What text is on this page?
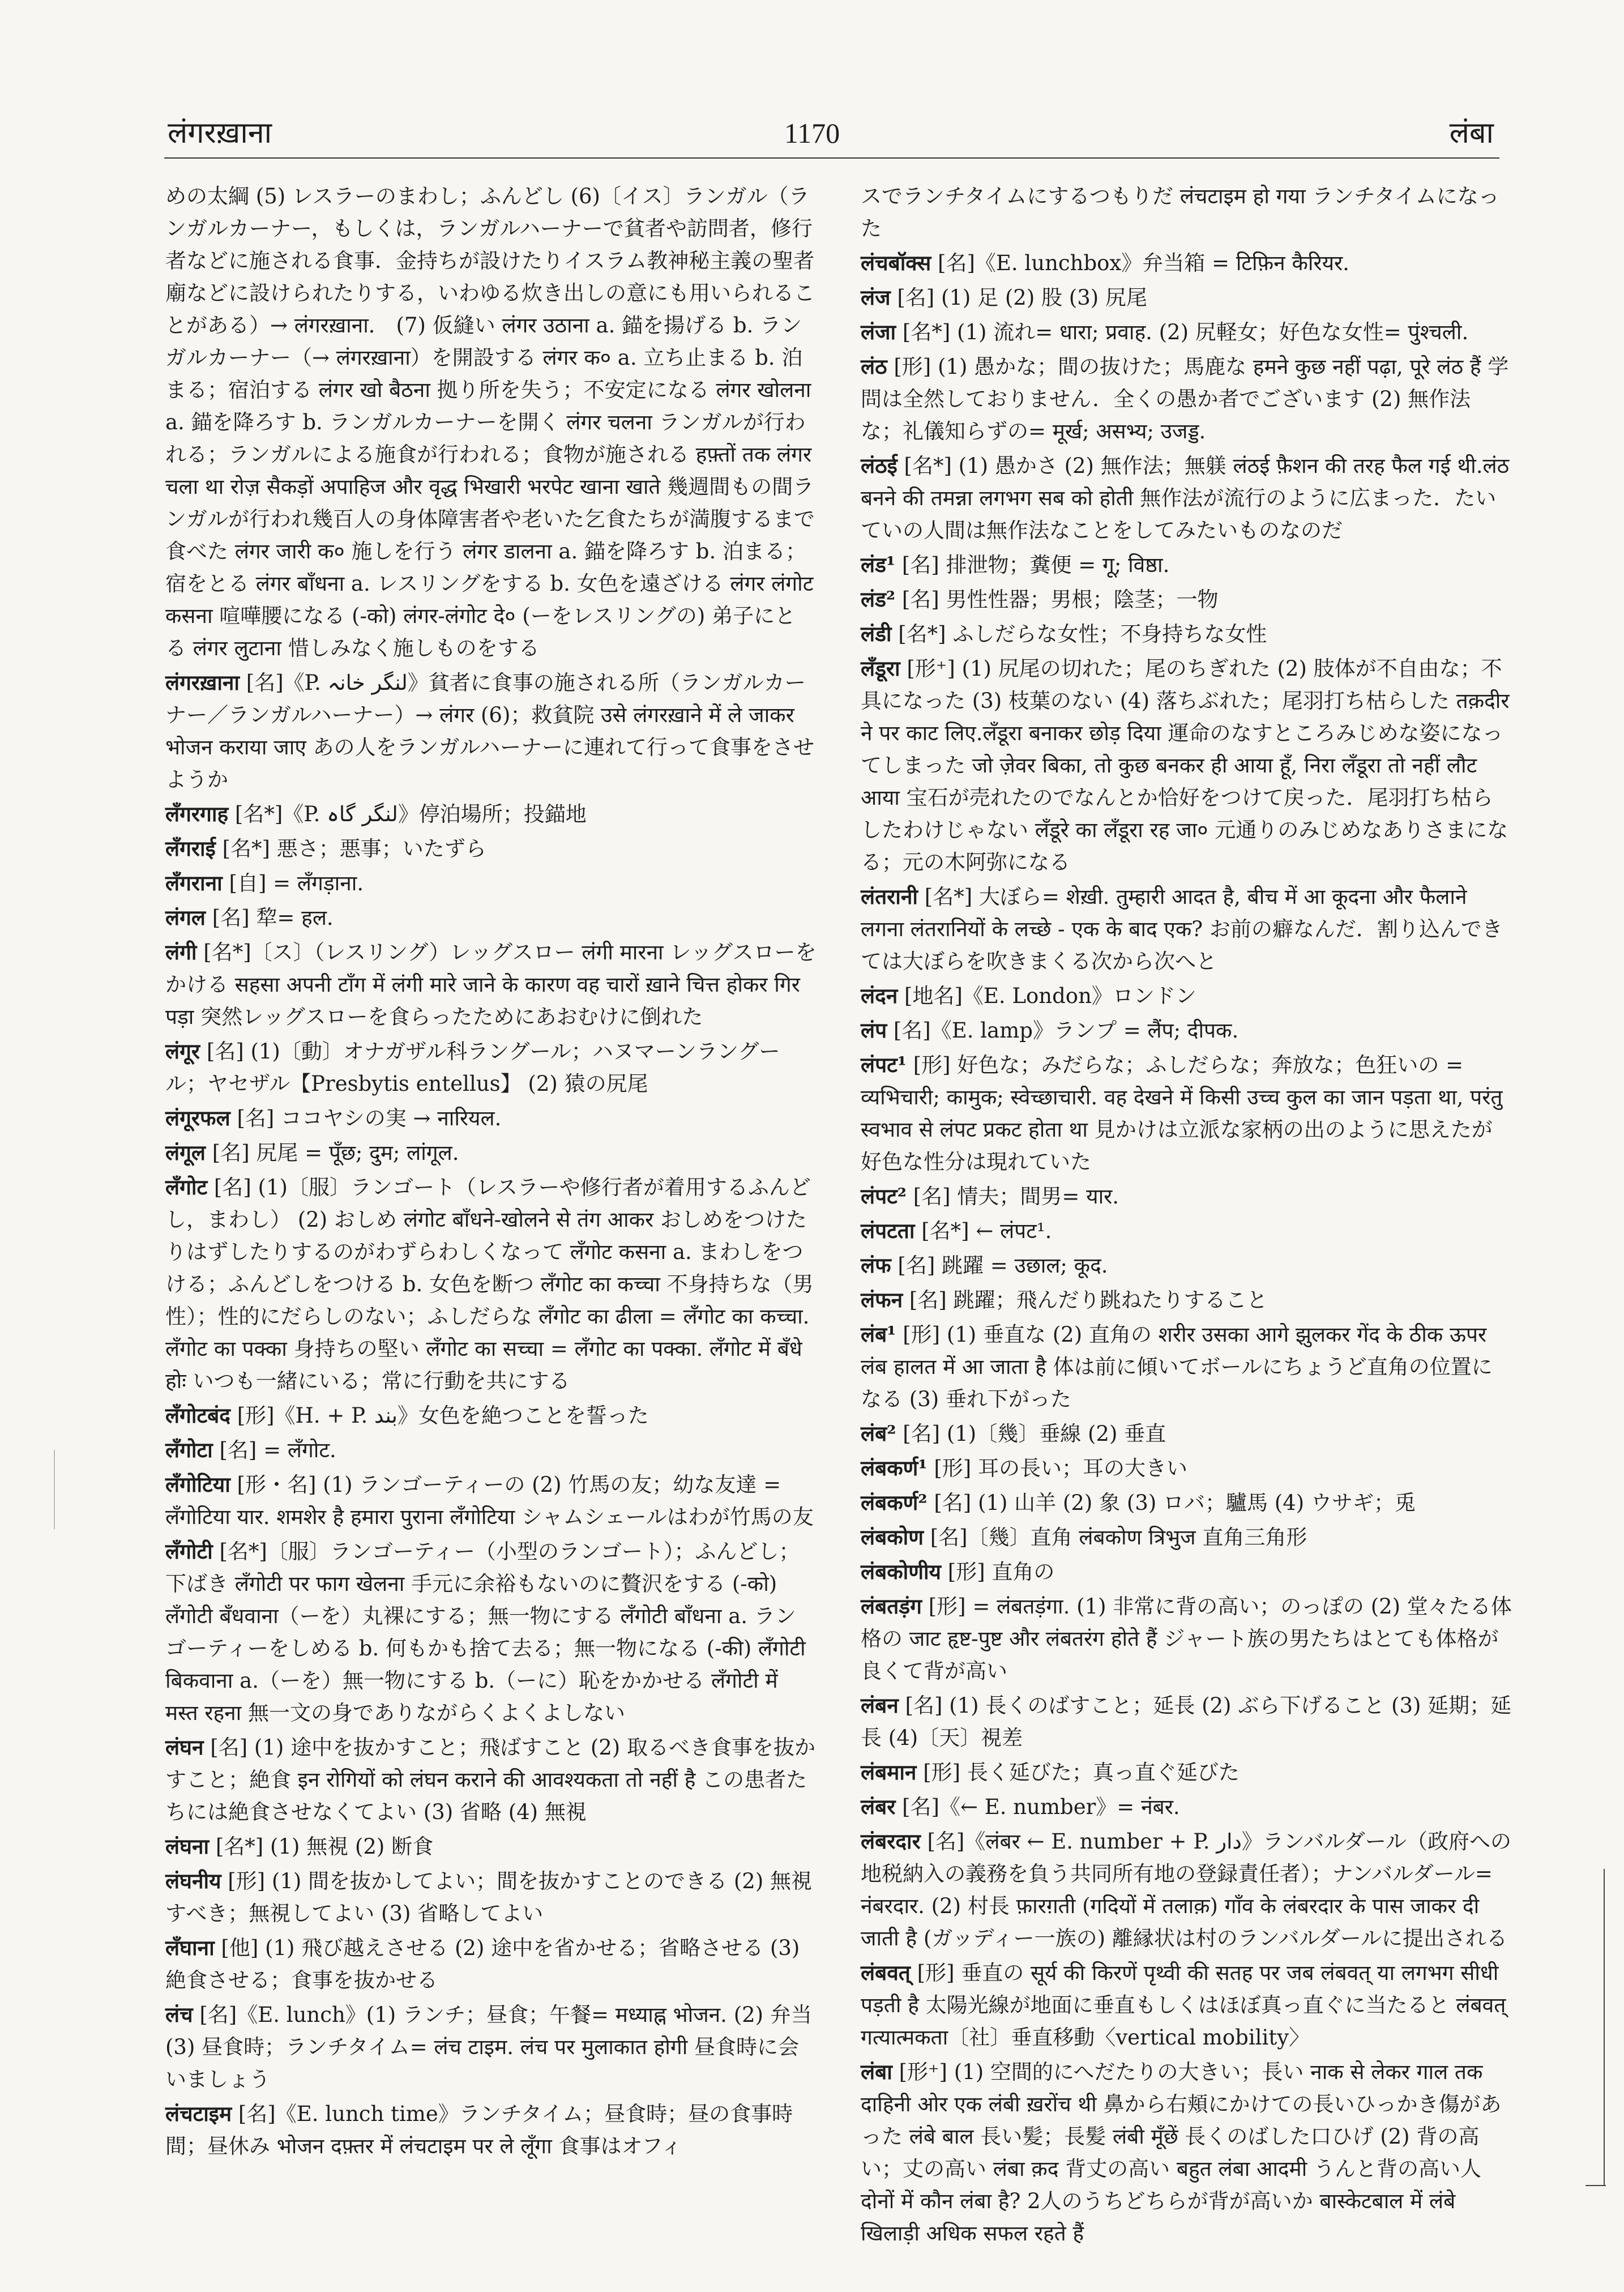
लंगरख़ाना	1170	लंबा
めの太綱 (5) レスラーのまわし；ふんどし (6)〔イス〕ランガル（ランガルカーナー，もしくは，ランガルハーナーで貧者や訪問者，修行者などに施される食事．金持ちが設けたりイスラム教神秘主義の聖者廟などに設けられたりする，いわゆる炊き出しの意にも用いられることがある）→ लंगरख़ाना． (7) 仮縫い लंगर उठाना a. 錨を揚げる b. ランガルカーナー（→ लंगरख़ाना）を開設する लंगर क० a. 立ち止まる b. 泊まる；宿泊する लंगर खो बैठना 拠り所を失う；不安定になる लंगर खोलना a. 錨を降ろす b. ランガルカーナーを開く लंगर चलना ランガルが行われる；ランガルによる施食が行われる；食物が施される हफ़्तों तक लंगर चला था रोज़ सैकड़ों अपाहिज और वृद्ध भिखारी भरपेट खाना खाते 幾週間もの間ランガルが行われ幾百人の身体障害者や老いた乞食たちが満腹するまで食べた लंगर जारी क० 施しを行う लंगर डालना a. 錨を降ろす b. 泊まる；宿をとる लंगर बाँधना a. レスリングをする b. 女色を遠ざける लंगर लंगोट कसना 喧嘩腰になる (-को) लंगर-लंगोट दे० (ーをレスリングの) 弟子にとる लंगर लुटाना 惜しみなく施しものをする
लंगरख़ाना [名]《P. لنگر خانہ》貧者に食事の施される所（ランガルカーナー／ランガルハーナー）→ लंगर (6)；救貧院 उसे लंगरख़ाने में ले जाकर भोजन कराया जाए あの人をランガルハーナーに連れて行って食事をさせようか
लँगरगाह [名*]《P. لنگر گاہ》停泊場所；投錨地
लँगराई [名*] 悪さ；悪事；いたずら
लँगराना [自] = लँगड़ाना.
लंगल [名] 犂= हल.
लंगी [名*]〔ス〕（レスリング）レッグスロー लंगी मारना レッグスローをかける सहसा अपनी टाँग में लंगी मारे जाने के कारण वह चारों ख़ाने चित्त होकर गिर पड़ा 突然レッグスローを食らったためにあおむけに倒れた
लंगूर [名] (1)〔動〕オナガザル科ラングール；ハヌマーンラングール；ヤセザル【Presbytis entellus】 (2) 猿の尻尾
लंगूरफल [名] ココヤシの実 → नारियल.
लंगूल [名] 尻尾 = पूँछ; दुम; लांगूल.
लँगोट [名] (1)〔服〕ランゴート（レスラーや修行者が着用するふんどし，まわし） (2) おしめ लंगोट बाँधने-खोलने से तंग आकर おしめをつけたりはずしたりするのがわずらわしくなって लँगोट कसना a. まわしをつける；ふんどしをつける b. 女色を断つ लँगोट का कच्चा 不身持ちな（男性）；性的にだらしのない；ふしだらな लँगोट का ढीला = लँगोट का कच्चा. लँगोट का पक्का 身持ちの堅い लँगोट का सच्चा = लँगोट का पक्का. लँगोट में बँधे होः いつも一緒にいる；常に行動を共にする
लँगोटबंद [形]《H. + P. بند》女色を絶つことを誓った
लँगोटा [名] = लँगोट.
लँगोटिया [形・名] (1) ランゴーティーの (2) 竹馬の友；幼な友達 = लँगोटिया यार. शमशेर है हमारा पुराना लँगोटिया シャムシェールはわが竹馬の友
लँगोटी [名*]〔服〕ランゴーティー（小型のランゴート）；ふんどし；下ばき लँगोटी पर फाग खेलना 手元に余裕もないのに贅沢をする (-को) लँगोटी बँधवाना（ーを）丸裸にする；無一物にする लँगोटी बाँधना a. ランゴーティーをしめる b. 何もかも捨て去る；無一物になる (-की) लँगोटी बिकवाना a.（ーを）無一物にする b.（ーに）恥をかかせる लँगोटी में मस्त रहना 無一文の身でありながらくよくよしない
लंघन [名] (1) 途中を抜かすこと；飛ばすこと (2) 取るべき食事を抜かすこと；絶食 इन रोगियों को लंघन कराने की आवश्यकता तो नहीं है この患者たちには絶食させなくてよい (3) 省略 (4) 無視
लंघना [名*] (1) 無視 (2) 断食
लंघनीय [形] (1) 間を抜かしてよい；間を抜かすことのできる (2) 無視すべき；無視してよい (3) 省略してよい
लँघाना [他] (1) 飛び越えさせる (2) 途中を省かせる；省略させる (3) 絶食させる；食事を抜かせる
लंच [名]《E. lunch》(1) ランチ；昼食；午餐= मध्याह्न भोजन. (2) 弁当 (3) 昼食時；ランチタイム= लंच टाइम. लंच पर मुलाकात होगी 昼食時に会いましょう
लंचटाइम [名]《E. lunch time》ランチタイム；昼食時；昼の食事時間；昼休み भोजन दफ़्तर में लंचटाइम पर ले लूँगा 食事はオフィ
スでランチタイムにするつもりだ लंचटाइम हो गया ランチタイムになった
लंचबॉक्स [名]《E. lunchbox》弁当箱 = टिफ़िन कैरियर.
लंज [名] (1) 足 (2) 股 (3) 尻尾
लंजा [名*] (1) 流れ= धारा; प्रवाह. (2) 尻軽女；好色な女性= पुंश्चली.
लंठ [形] (1) 愚かな；間の抜けた；馬鹿な हमने कुछ नहीं पढ़ा, पूरे लंठ हैं 学問は全然しておりません．全くの愚か者でございます (2) 無作法な；礼儀知らずの= मूर्ख; असभ्य; उजड्ड.
लंठई [名*] (1) 愚かさ (2) 無作法；無躾 लंठई फ़ैशन की तरह फैल गई थी.लंठ बनने की तमन्ना लगभग सब को होती 無作法が流行のように広まった．たいていの人間は無作法なことをしてみたいものなのだ
लंड¹ [名] 排泄物；糞便 = गू; विष्ठा.
लंड² [名] 男性性器；男根；陰茎；一物
लंडी [名*] ふしだらな女性；不身持ちな女性
लँडूरा [形⁺] (1) 尻尾の切れた；尾のちぎれた (2) 肢体が不自由な；不具になった (3) 枝葉のない (4) 落ちぶれた；尾羽打ち枯らした तक़दीर ने पर काट लिए.लँडूरा बनाकर छोड़ दिया 運命のなすところみじめな姿になってしまった जो ज़ेवर बिका, तो कुछ बनकर ही आया हूँ, निरा लँडूरा तो नहीं लौट आया 宝石が売れたのでなんとか恰好をつけて戻った．尾羽打ち枯らしたわけじゃない लँडूरे का लँडूरा रह जा० 元通りのみじめなありさまになる；元の木阿弥になる
लंतरानी [名*] 大ぼら= शेख़ी. तुम्हारी आदत है, बीच में आ कूदना और फैलाने लगना लंतरानियों के लच्छे - एक के बाद एक? お前の癖なんだ．割り込んできては大ぼらを吹きまくる次から次へと
लंदन [地名]《E. London》ロンドン
लंप [名]《E. lamp》ランプ = लैंप; दीपक.
लंपट¹ [形] 好色な；みだらな；ふしだらな；奔放な；色狂いの = व्यभिचारी; कामुक; स्वेच्छाचारी. वह देखने में किसी उच्च कुल का जान पड़ता था, परंतु स्वभाव से लंपट प्रकट होता था 見かけは立派な家柄の出のように思えたが好色な性分は現れていた
लंपट² [名] 情夫；間男= यार.
लंपटता [名*] ← लंपट¹.
लंफ [名] 跳躍 = उछाल; कूद.
लंफन [名] 跳躍；飛んだり跳ねたりすること
लंब¹ [形] (1) 垂直な (2) 直角の शरीर उसका आगे झुलकर गेंद के ठीक ऊपर लंब हालत में आ जाता है 体は前に傾いてボールにちょうど直角の位置になる (3) 垂れ下がった
लंब² [名] (1)〔幾〕垂線 (2) 垂直
लंबकर्ण¹ [形] 耳の長い；耳の大きい
लंबकर्ण² [名] (1) 山羊 (2) 象 (3) ロバ；驢馬 (4) ウサギ；兎
लंबकोण [名]〔幾〕直角 लंबकोण त्रिभुज 直角三角形
लंबकोणीय [形] 直角の
लंबतड़ंग [形] = लंबतड़ंगा. (1) 非常に背の高い；のっぽの (2) 堂々たる体格の जाट हृष्ट-पुष्ट और लंबतरंग होते हैं ジャート族の男たちはとても体格が良くて背が高い
लंबन [名] (1) 長くのばすこと；延長 (2) ぶら下げること (3) 延期；延長 (4)〔天〕視差
लंबमान [形] 長く延びた；真っ直ぐ延びた
लंबर [名]《← E. number》= नंबर.
लंबरदार [名]《लंबर ← E. number + P. دار》ランバルダール（政府への地税納入の義務を負う共同所有地の登録責任者）；ナンバルダール= नंबरदार. (2) 村長 फ़ारग़ती (गदियों में तलाक़) गाँव के लंबरदार के पास जाकर दी जाती है (ガッディー一族の) 離縁状は村のランバルダールに提出される
लंबवत् [形] 垂直の सूर्य की किरणें पृथ्वी की सतह पर जब लंबवत् या लगभग सीधी पड़ती है 太陽光線が地面に垂直もしくはほぼ真っ直ぐに当たると लंबवत् गत्यात्मकता〔社〕垂直移動〈vertical mobility〉
लंबा [形⁺] (1) 空間的にへだたりの大きい；長い नाक से लेकर गाल तक दाहिनी ओर एक लंबी ख़रोंच थी 鼻から右頬にかけての長いひっかき傷があった लंबे बाल 長い髪；長髪 लंबी मूँछें 長くのばした口ひげ (2) 背の高い；丈の高い लंबा क़द 背丈の高い बहुत लंबा आदमी うんと背の高い人 दोनों में कौन लंबा है? 2人のうちどちらが背が高いか बास्केटबाल में लंबे खिलाड़ी अधिक सफल रहते हैं
